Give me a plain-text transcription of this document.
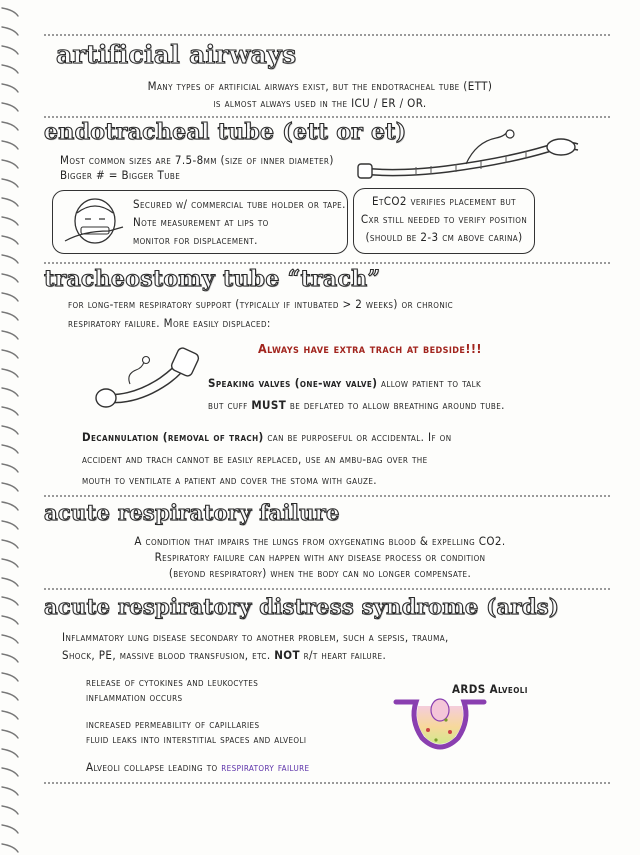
artificial airways
Many types of artificial airways exist, but the endotracheal tube (ETT)
is almost always used in the ICU / ER / OR.
endotracheal tube (ett or et)
Most common sizes are 7.5-8mm (size of inner diameter)
Bigger # = Bigger Tube
Secured w/ commercial tube holder or tape.
Note measurement at lips to
monitor for displacement.
EtCO2 verifies placement but
Cxr still needed to verify position
(should be 2-3 cm above carina)
tracheostomy tube “trach”
for long-term respiratory support (typically if intubated > 2 weeks) or chronic
respiratory failure. More easily displaced:
Always have extra trach at bedside!!!
Speaking valves (one-way valve) allow patient to talk
but cuff MUST be deflated to allow breathing around tube.
Decannulation (removal of trach) can be purposeful or accidental. If on
accident and trach cannot be easily replaced, use an ambu-bag over the
mouth to ventilate a patient and cover the stoma with gauze.
acute respiratory failure
A condition that impairs the lungs from oxygenating blood & expelling CO2.
Respiratory failure can happen with any disease process or condition
(beyond respiratory) when the body can no longer compensate.
acute respiratory distress syndrome (ards)
Inflammatory lung disease secondary to another problem, such a sepsis, trauma,
Shock, PE, massive blood transfusion, etc. NOT r/t heart failure.
release of cytokines and leukocytes
inflammation occurs
increased permeability of capillaries
fluid leaks into interstitial spaces and alveoli
Alveoli collapse leading to respiratory failure
ARDS Alveoli
